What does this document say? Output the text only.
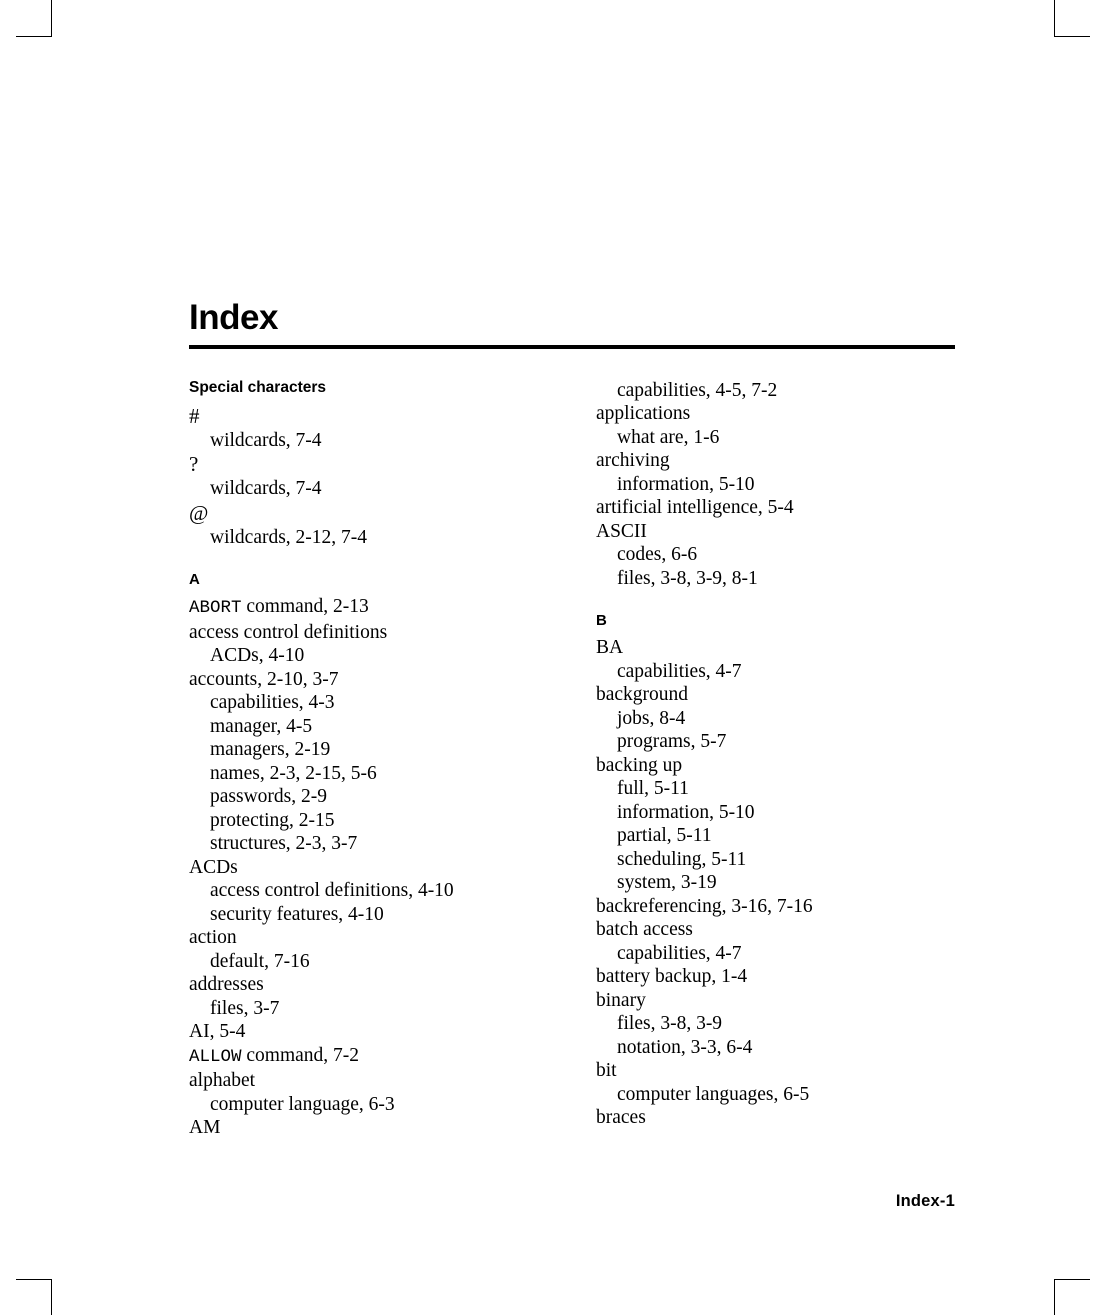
Index
Special characters
#
wildcards, 7-4
?
wildcards, 7-4
@
wildcards, 2-12, 7-4
A
ABORT command, 2-13
access control definitions
ACDs, 4-10
accounts, 2-10, 3-7
capabilities, 4-3
manager, 4-5
managers, 2-19
names, 2-3, 2-15, 5-6
passwords, 2-9
protecting, 2-15
structures, 2-3, 3-7
ACDs
access control definitions, 4-10
security features, 4-10
action
default, 7-16
addresses
files, 3-7
AI, 5-4
ALLOW command, 7-2
alphabet
computer language, 6-3
AM
capabilities, 4-5, 7-2
applications
what are, 1-6
archiving
information, 5-10
artificial intelligence, 5-4
ASCII
codes, 6-6
files, 3-8, 3-9, 8-1
B
BA
capabilities, 4-7
background
jobs, 8-4
programs, 5-7
backing up
full, 5-11
information, 5-10
partial, 5-11
scheduling, 5-11
system, 3-19
backreferencing, 3-16, 7-16
batch access
capabilities, 4-7
battery backup, 1-4
binary
files, 3-8, 3-9
notation, 3-3, 6-4
bit
computer languages, 6-5
braces
Index-1
